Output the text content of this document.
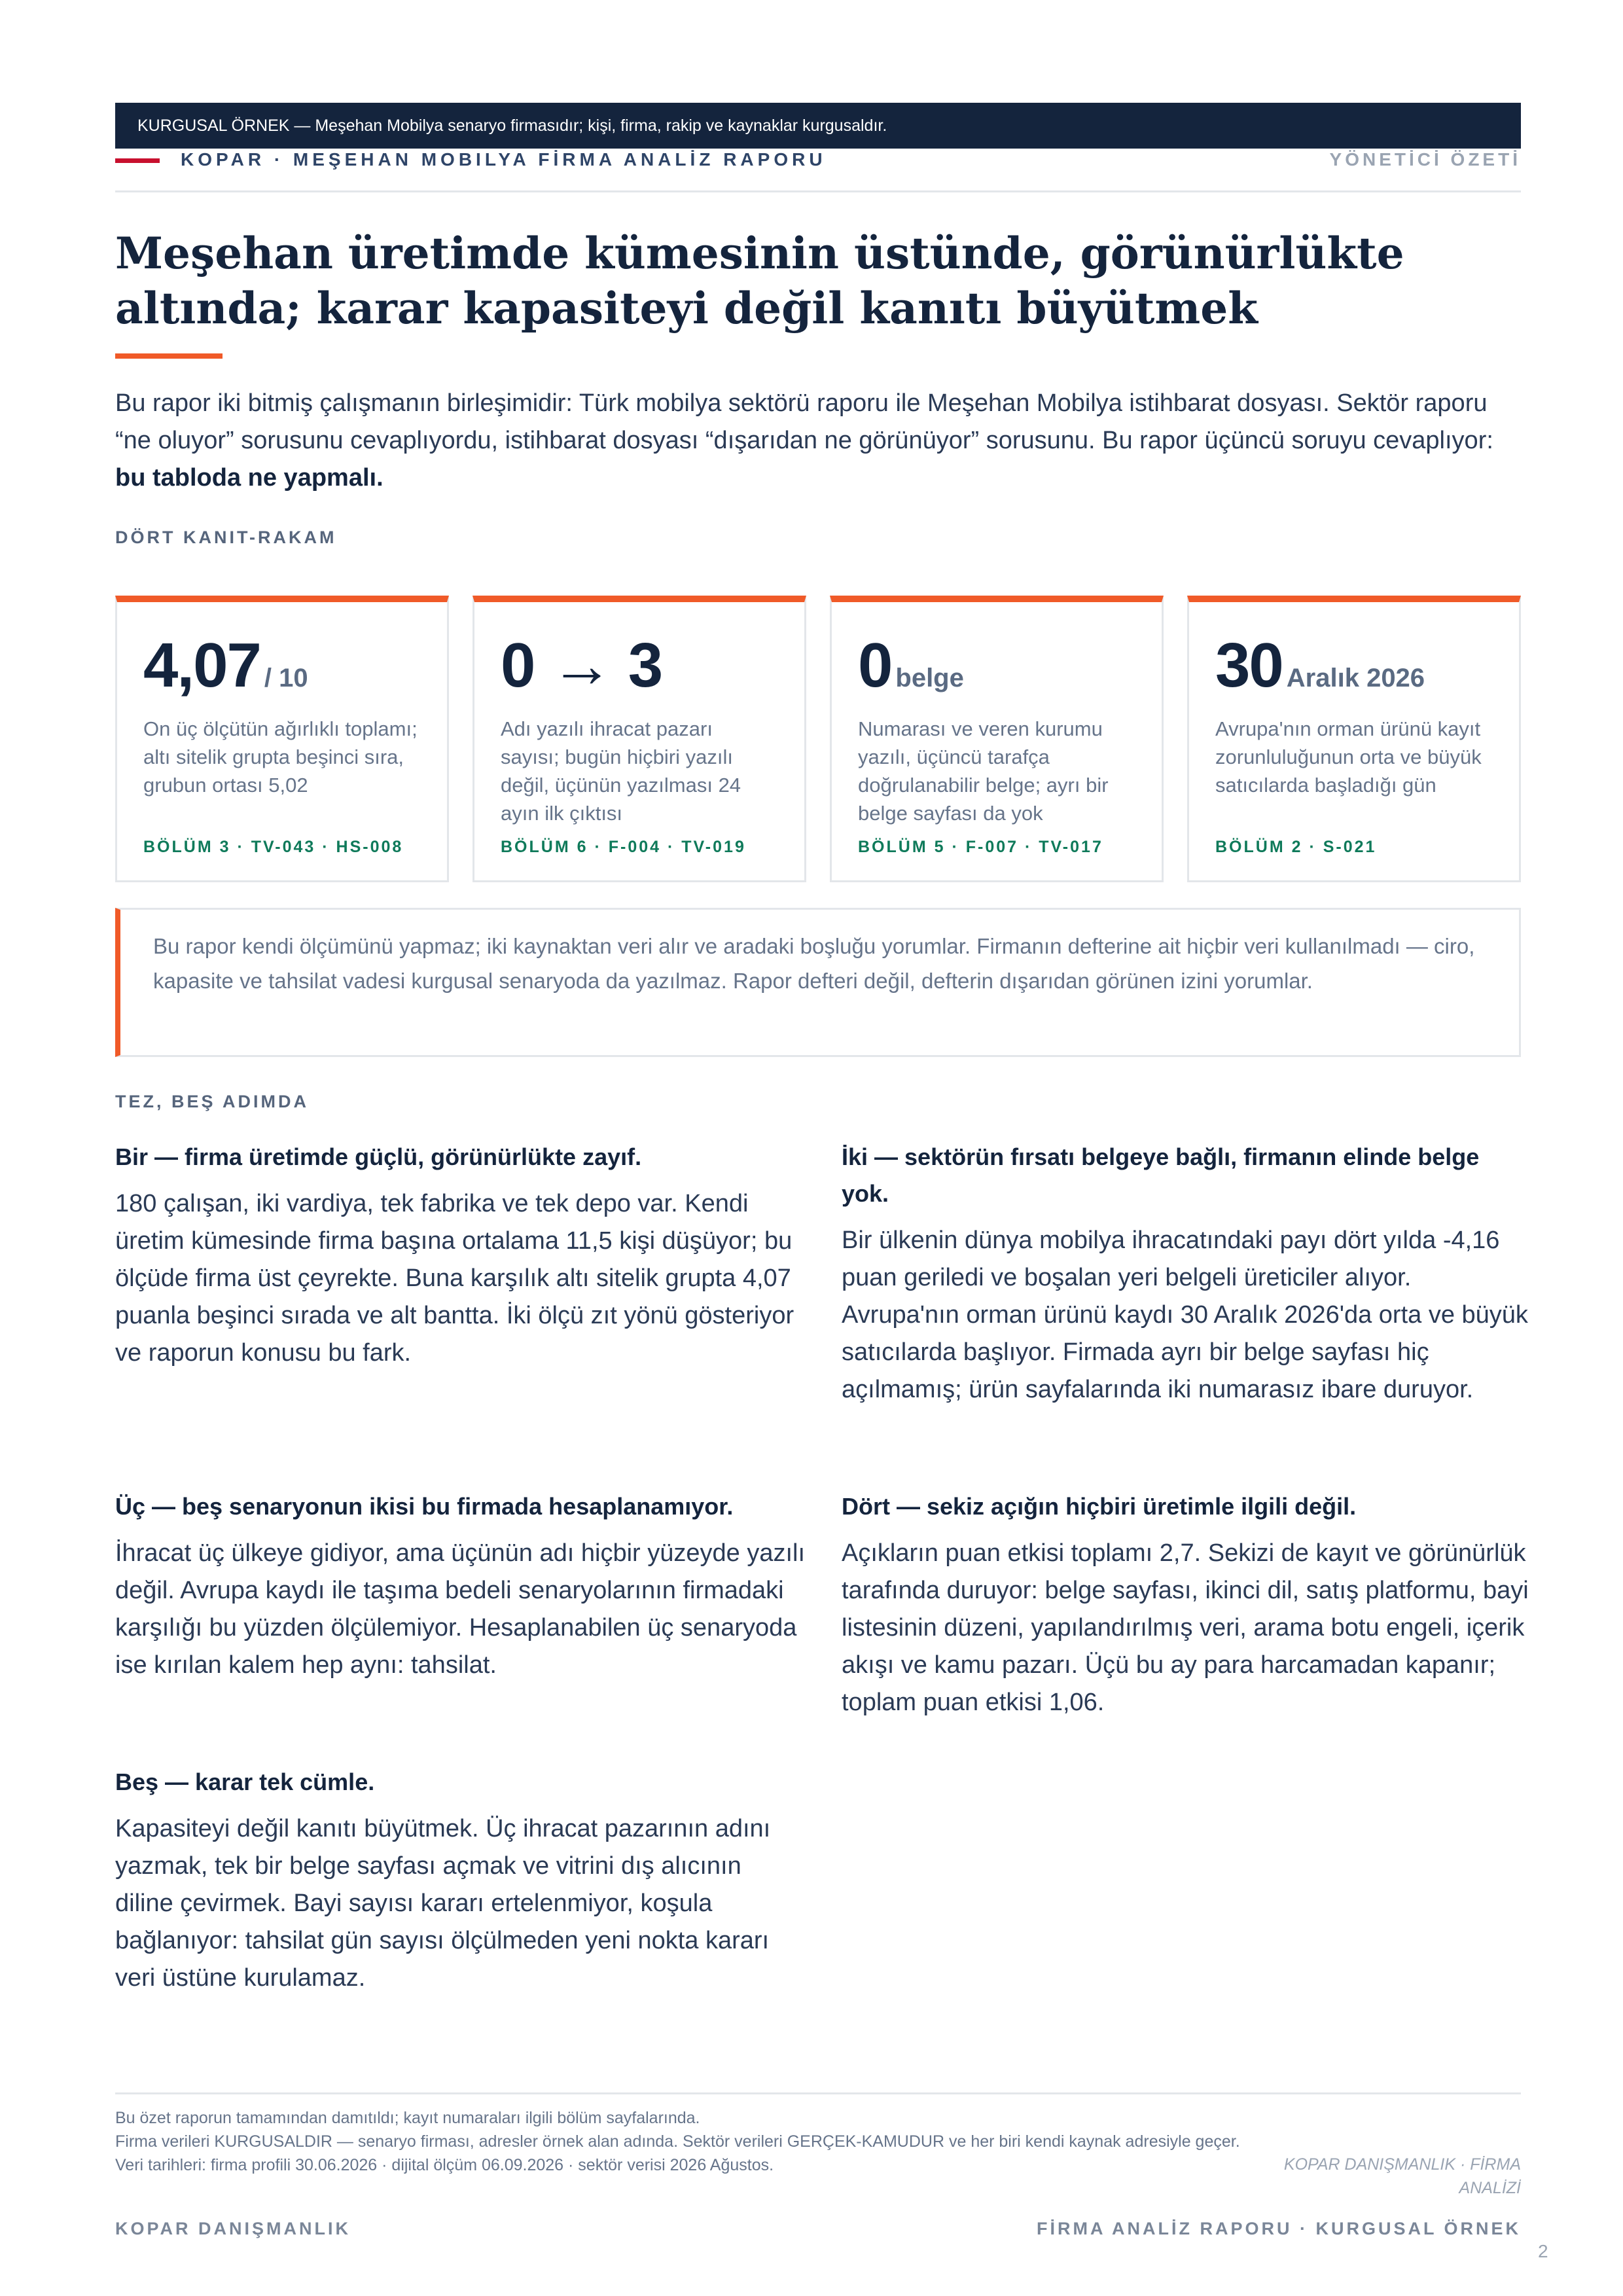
KURGUSAL ÖRNEK — Meşehan Mobilya senaryo firmasıdır; kişi, firma, rakip ve kaynaklar kurgusaldır.
KOPAR · MEŞEHAN MOBILYA FİRMA ANALİZ RAPORU	YÖNETİCİ ÖZETİ
Meşehan üretimde kümesinin üstünde, görünürlükte altında; karar kapasiteyi değil kanıtı büyütmek

Bu rapor iki bitmiş çalışmanın birleşimidir: Türk mobilya sektörü raporu ile Meşehan Mobilya istihbarat dosyası. Sektör raporu “ne oluyor” sorusunu cevaplıyordu, istihbarat dosyası “dışarıdan ne görünüyor” sorusunu. Bu rapor üçüncü soruyu cevaplıyor: bu tabloda ne yapmalı.

DÖRT KANIT-RAKAM
4,07 / 10
On üç ölçütün ağırlıklı toplamı; altı sitelik grupta beşinci sıra, grubun ortası 5,02
BÖLÜM 3 · TV-043 · HS-008
0 → 3
Adı yazılı ihracat pazarı sayısı; bugün hiçbiri yazılı değil, üçünün yazılması 24 ayın ilk çıktısı
BÖLÜM 6 · F-004 · TV-019
0 belge
Numarası ve veren kurumu yazılı, üçüncü tarafça doğrulanabilir belge; ayrı bir belge sayfası da yok
BÖLÜM 5 · F-007 · TV-017
30 Aralık 2026
Avrupa'nın orman ürünü kayıt zorunluluğunun orta ve büyük satıcılarda başladığı gün
BÖLÜM 2 · S-021
Bu rapor kendi ölçümünü yapmaz; iki kaynaktan veri alır ve aradaki boşluğu yorumlar. Firmanın defterine ait hiçbir veri kullanılmadı — ciro, kapasite ve tahsilat vadesi kurgusal senaryoda da yazılmaz. Rapor defteri değil, defterin dışarıdan görünen izini yorumlar.
TEZ, BEŞ ADIMDA
Bir — firma üretimde güçlü, görünürlükte zayıf.
180 çalışan, iki vardiya, tek fabrika ve tek depo var. Kendi üretim kümesinde firma başına ortalama 11,5 kişi düşüyor; bu ölçüde firma üst çeyrekte. Buna karşılık altı sitelik grupta 4,07 puanla beşinci sırada ve alt bantta. İki ölçü zıt yönü gösteriyor ve raporun konusu bu fark.
İki — sektörün fırsatı belgeye bağlı, firmanın elinde belge yok.
Bir ülkenin dünya mobilya ihracatındaki payı dört yılda -4,16 puan geriledi ve boşalan yeri belgeli üreticiler alıyor. Avrupa'nın orman ürünü kaydı 30 Aralık 2026'da orta ve büyük satıcılarda başlıyor. Firmada ayrı bir belge sayfası hiç açılmamış; ürün sayfalarında iki numarasız ibare duruyor.
Üç — beş senaryonun ikisi bu firmada hesaplanamıyor.
İhracat üç ülkeye gidiyor, ama üçünün adı hiçbir yüzeyde yazılı değil. Avrupa kaydı ile taşıma bedeli senaryolarının firmadaki karşılığı bu yüzden ölçülemiyor. Hesaplanabilen üç senaryoda ise kırılan kalem hep aynı: tahsilat.
Dört — sekiz açığın hiçbiri üretimle ilgili değil.
Açıkların puan etkisi toplamı 2,7. Sekizi de kayıt ve görünürlük tarafında duruyor: belge sayfası, ikinci dil, satış platformu, bayi listesinin düzeni, yapılandırılmış veri, arama botu engeli, içerik akışı ve kamu pazarı. Üçü bu ay para harcamadan kapanır; toplam puan etkisi 1,06.
Beş — karar tek cümle.
Kapasiteyi değil kanıtı büyütmek. Üç ihracat pazarının adını yazmak, tek bir belge sayfası açmak ve vitrini dış alıcının diline çevirmek. Bayi sayısı kararı ertelenmiyor, koşula bağlanıyor: tahsilat gün sayısı ölçülmeden yeni nokta kararı veri üstüne kurulamaz.
Bu özet raporun tamamından damıtıldı; kayıt numaraları ilgili bölüm sayfalarında.
Firma verileri KURGUSALDIR — senaryo firması, adresler örnek alan adında. Sektör verileri GERÇEK-KAMUDUR ve her biri kendi kaynak adresiyle geçer.
Veri tarihleri: firma profili 30.06.2026 · dijital ölçüm 06.09.2026 · sektör verisi 2026 Ağustos.	KOPAR DANIŞMANLIK · FİRMA ANALİZİ
KOPAR DANIŞMANLIK	FİRMA ANALİZ RAPORU · KURGUSAL ÖRNEK
2
